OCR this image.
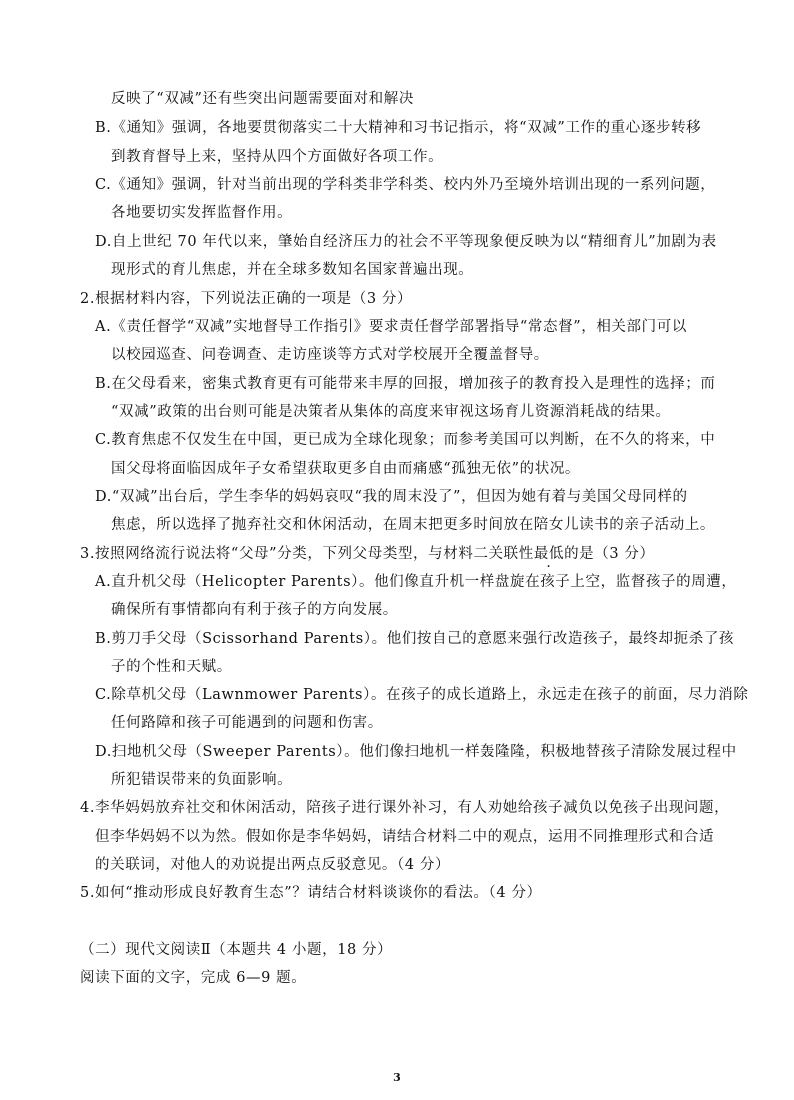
反映了“双减”还有些突出问题需要面对和解决

B.《通知》强调，各地要贯彻落实二十大精神和习书记指示，将“双减”工作的重心逐步转移

到教育督导上来，坚持从四个方面做好各项工作。

C.《通知》强调，针对当前出现的学科类非学科类、校内外乃至境外培训出现的一系列问题，

各地要切实发挥监督作用。

D.自上世纪 70 年代以来，肇始自经济压力的社会不平等现象便反映为以“精细育儿”加剧为表

现形式的育儿焦虑，并在全球多数知名国家普遍出现。

2.根据材料内容，下列说法正确的一项是（3 分）

A.《责任督学“双减”实地督导工作指引》要求责任督学部署指导“常态督”，相关部门可以

以校园巡查、问卷调查、走访座谈等方式对学校展开全覆盖督导。

B.在父母看来，密集式教育更有可能带来丰厚的回报，增加孩子的教育投入是理性的选择；而

“双减”政策的出台则可能是决策者从集体的高度来审视这场育儿资源消耗战的结果。

C.教育焦虑不仅发生在中国，更已成为全球化现象；而参考美国可以判断，在不久的将来，中

国父母将面临因成年子女希望获取更多自由而痛感“孤独无依”的状况。

D.“双减”出台后，学生李华的妈妈哀叹“我的周末没了”，但因为她有着与美国父母同样的

焦虑，所以选择了抛弃社交和休闲活动，在周末把更多时间放在陪女儿读书的亲子活动上。

3.按照网络流行说法将“父母”分类，下列父母类型，与材料二关联性最低的是（3 分）

A.直升机父母（Helicopter Parents）。他们像直升机一样盘旋在孩子上空，监督孩子的周遭，

确保所有事情都向有利于孩子的方向发展。

B.剪刀手父母（Scissorhand Parents）。他们按自己的意愿来强行改造孩子，最终却扼杀了孩

子的个性和天赋。

C.除草机父母（Lawnmower Parents）。在孩子的成长道路上，永远走在孩子的前面，尽力消除

任何路障和孩子可能遇到的问题和伤害。

D.扫地机父母（Sweeper Parents）。他们像扫地机一样轰隆隆，积极地替孩子清除发展过程中

所犯错误带来的负面影响。

4.李华妈妈放弃社交和休闲活动，陪孩子进行课外补习，有人劝她给孩子减负以免孩子出现问题，

但李华妈妈不以为然。假如你是李华妈妈，请结合材料二中的观点，运用不同推理形式和合适

的关联词，对他人的劝说提出两点反驳意见。（4 分）

5.如何“推动形成良好教育生态”？请结合材料谈谈你的看法。（4 分）

（二）现代文阅读Ⅱ（本题共 4 小题，18 分）

阅读下面的文字，完成 6—9 题。

3
